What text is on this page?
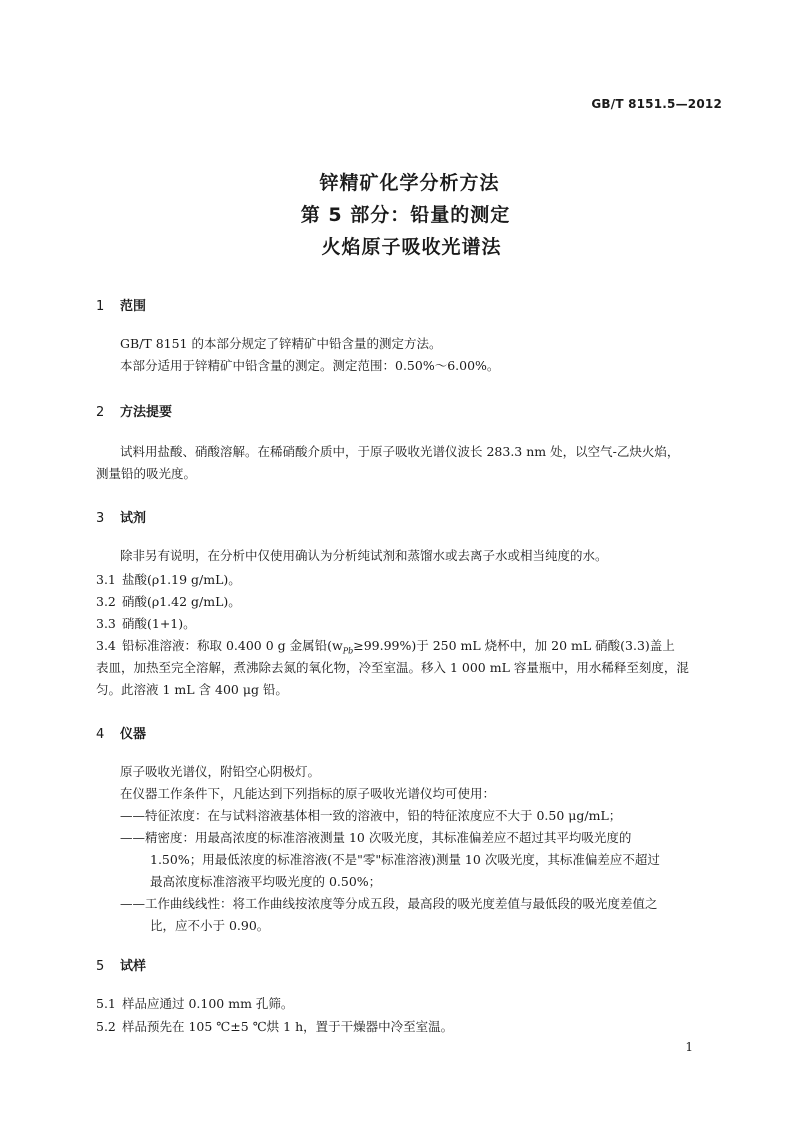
GB/T 8151.5—2012
锌精矿化学分析方法
第 5 部分：铅量的测定
火焰原子吸收光谱法
1 范围
GB/T 8151 的本部分规定了锌精矿中铅含量的测定方法。
本部分适用于锌精矿中铅含量的测定。测定范围：0.50%～6.00%。
2 方法提要
试料用盐酸、硝酸溶解。在稀硝酸介质中，于原子吸收光谱仪波长 283.3 nm 处，以空气-乙炔火焰，
测量铅的吸光度。
3 试剂
除非另有说明，在分析中仅使用确认为分析纯试剂和蒸馏水或去离子水或相当纯度的水。
3.1 盐酸(ρ1.19 g/mL)。
3.2 硝酸(ρ1.42 g/mL)。
3.3 硝酸(1+1)。
3.4 铅标准溶液：称取 0.400 0 g 金属铅$(w_{Pb}\ge 99.99\%)$于 250 mL 烧杯中，加 20 mL 硝酸(3.3)盖上
表皿，加热至完全溶解，煮沸除去氮的氧化物，冷至室温。移入 1 000 mL 容量瓶中，用水稀释至刻度，混
匀。此溶液 1 mL 含 400 μg 铅。
4 仪器
原子吸收光谱仪，附铅空心阴极灯。
在仪器工作条件下，凡能达到下列指标的原子吸收光谱仪均可使用：
——特征浓度：在与试料溶液基体相一致的溶液中，铅的特征浓度应不大于 0.50 μg/mL；
——精密度：用最高浓度的标准溶液测量 10 次吸光度，其标准偏差应不超过其平均吸光度的
1.50%；用最低浓度的标准溶液(不是"零"标准溶液)测量 10 次吸光度，其标准偏差应不超过
最高浓度标准溶液平均吸光度的 0.50%；
——工作曲线线性：将工作曲线按浓度等分成五段，最高段的吸光度差值与最低段的吸光度差值之
比，应不小于 0.90。
5 试样
5.1 样品应通过 0.100 mm 孔筛。
5.2 样品预先在 105 ℃±5 ℃烘 1 h，置于干燥器中冷至室温。
1
